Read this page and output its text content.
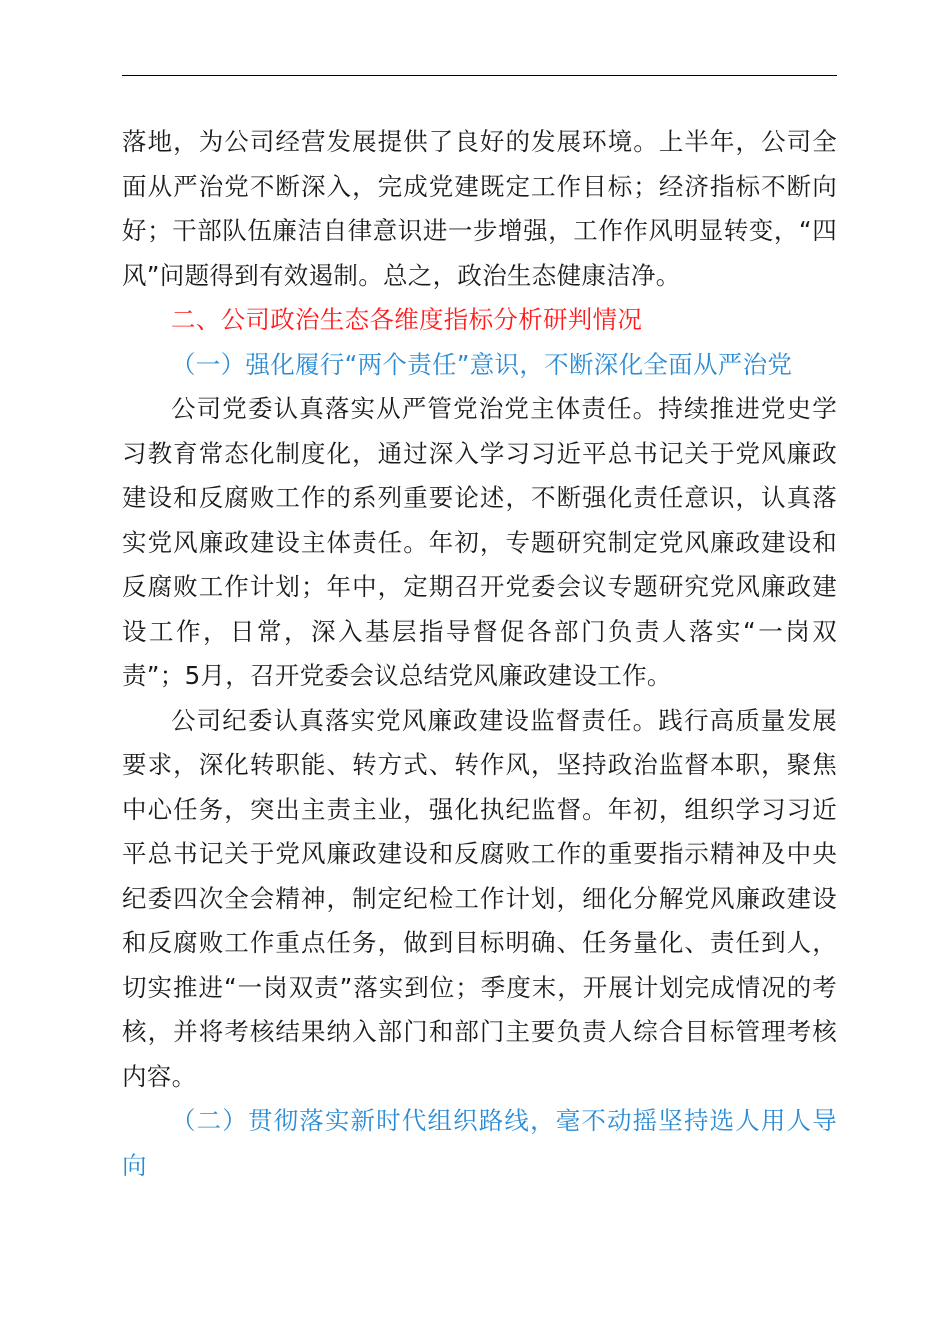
落地，为公司经营发展提供了良好的发展环境。上半年，公司全面从严治党不断深入，完成党建既定工作目标；经济指标不断向好；干部队伍廉洁自律意识进一步增强，工作作风明显转变，“四风”问题得到有效遏制。总之，政治生态健康洁净。

二、公司政治生态各维度指标分析研判情况

（一）强化履行“两个责任”意识，不断深化全面从严治党

公司党委认真落实从严管党治党主体责任。持续推进党史学习教育常态化制度化，通过深入学习习近平总书记关于党风廉政建设和反腐败工作的系列重要论述，不断强化责任意识，认真落实党风廉政建设主体责任。年初，专题研究制定党风廉政建设和反腐败工作计划；年中，定期召开党委会议专题研究党风廉政建设工作，日常，深入基层指导督促各部门负责人落实“一岗双责”；5月，召开党委会议总结党风廉政建设工作。

公司纪委认真落实党风廉政建设监督责任。践行高质量发展要求，深化转职能、转方式、转作风，坚持政治监督本职，聚焦中心任务，突出主责主业，强化执纪监督。年初，组织学习习近平总书记关于党风廉政建设和反腐败工作的重要指示精神及中央纪委四次全会精神，制定纪检工作计划，细化分解党风廉政建设和反腐败工作重点任务，做到目标明确、任务量化、责任到人，切实推进“一岗双责”落实到位；季度末，开展计划完成情况的考核，并将考核结果纳入部门和部门主要负责人综合目标管理考核内容。

（二）贯彻落实新时代组织路线，毫不动摇坚持选人用人导向
